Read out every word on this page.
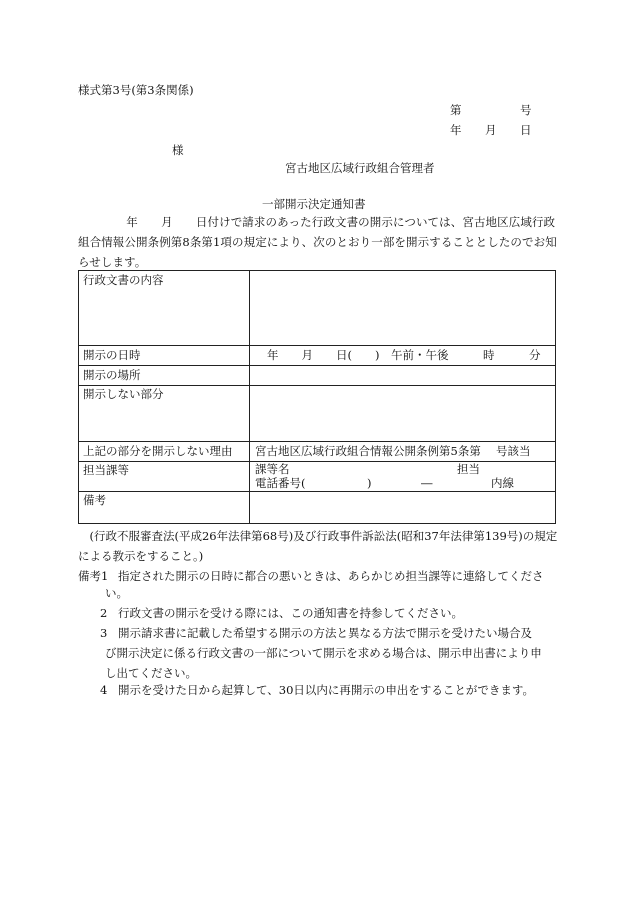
様式第3号(第3条関係)
第	号
年 月 日
様
宮古地区広域行政組合管理者
一部開示決定通知書
年　　月　　日付けで請求のあった行政文書の開示については、宮古地区広域行政組合情報公開条例第8条第1項の規定により、次のとおり一部を開示することとしたのでお知らせします。
行政文書の内容
開示の日時	年　　月　　日(　　)　午前・午後　　　時　　　分
開示の場所
開示しない部分
上記の部分を開示しない理由 宮古地区広域行政組合情報公開条例第5条第　 号該当
担当課等	課等名	担当
電話番号(	)	―	内線
備考
(行政不服審査法(平成26年法律第68号)及び行政事件訴訟法(昭和37年法律第139号)の規定による教示をすること。)
備考1 指定された開示の日時に都合の悪いときは、あらかじめ担当課等に連絡してくださ
い。
2 行政文書の開示を受ける際には、この通知書を持参してください。
3 開示請求書に記載した希望する開示の方法と異なる方法で開示を受けたい場合及
び開示決定に係る行政文書の一部について開示を求める場合は、開示申出書により申
し出てください。
4 開示を受けた日から起算して、30日以内に再開示の申出をすることができます。
